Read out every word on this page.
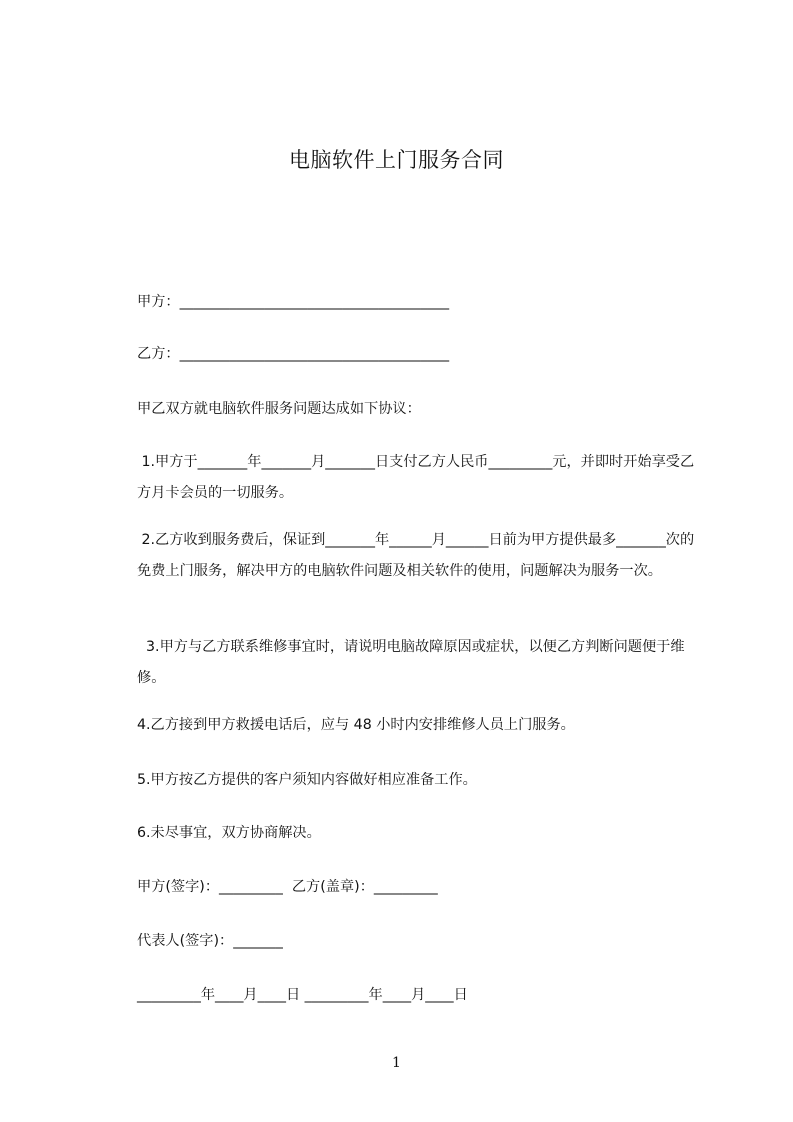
电脑软件上门服务合同
甲方：______________________________________
乙方：______________________________________
甲乙双方就电脑软件服务问题达成如下协议：
1.甲方于_______年_______月_______日支付乙方人民币_________元，并即时开始享受乙方月卡会员的一切服务。
2.乙方收到服务费后，保证到_______年______月______日前为甲方提供最多_______次的免费上门服务，解决甲方的电脑软件问题及相关软件的使用，问题解决为服务一次。
3.甲方与乙方联系维修事宜时，请说明电脑故障原因或症状，以便乙方判断问题便于维修。
4.乙方接到甲方救援电话后，应与 48 小时内安排维修人员上门服务。
5.甲方按乙方提供的客户须知内容做好相应准备工作。
6.未尽事宜，双方协商解决。
甲方(签字)：_________  乙方(盖章)：_________
代表人(签字)：_______
_________年____月____日 _________年____月____日
1
